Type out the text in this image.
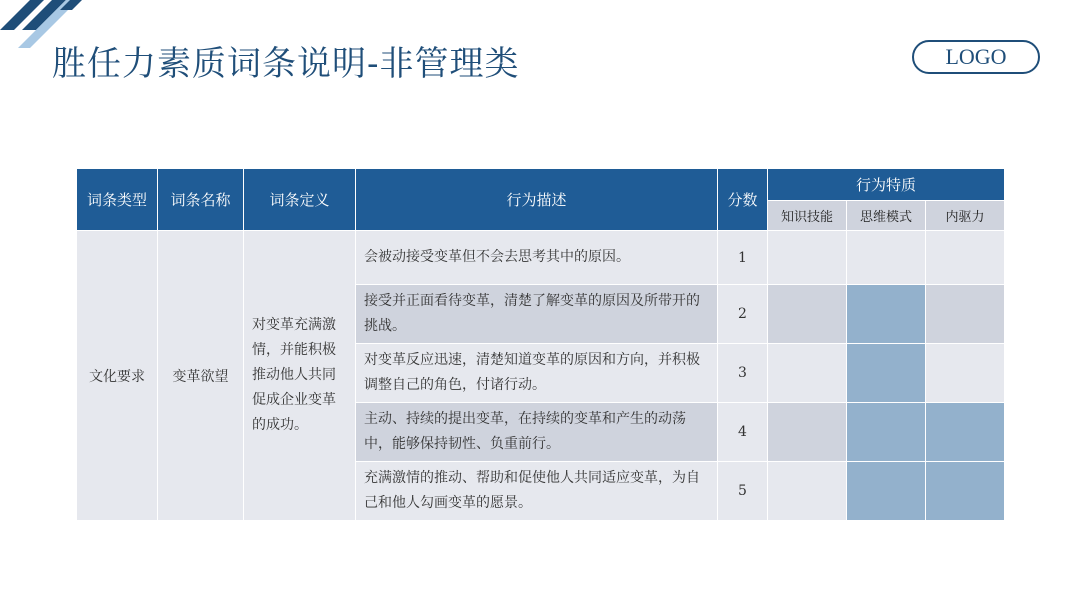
胜任力素质词条说明-非管理类	LOGO
词条类型	词条名称	词条定义	行为描述	分数	行为特质		
					知识技能	思维模式	内驱力
文化要求	变革欲望	对变革充满激情，并能积极推动他人共同促成企业变革的成功。	会被动接受变革但不会去思考其中的原因。	1			
			接受并正面看待变革，清楚了解变革的原因及所带开的挑战。	2			
			对变革反应迅速，清楚知道变革的原因和方向，并积极调整自己的角色，付诸行动。	3			
			主动、持续的提出变革，在持续的变革和产生的动荡中，能够保持韧性、负重前行。	4			
			充满激情的推动、帮助和促使他人共同适应变革，为自己和他人勾画变革的愿景。	5			
